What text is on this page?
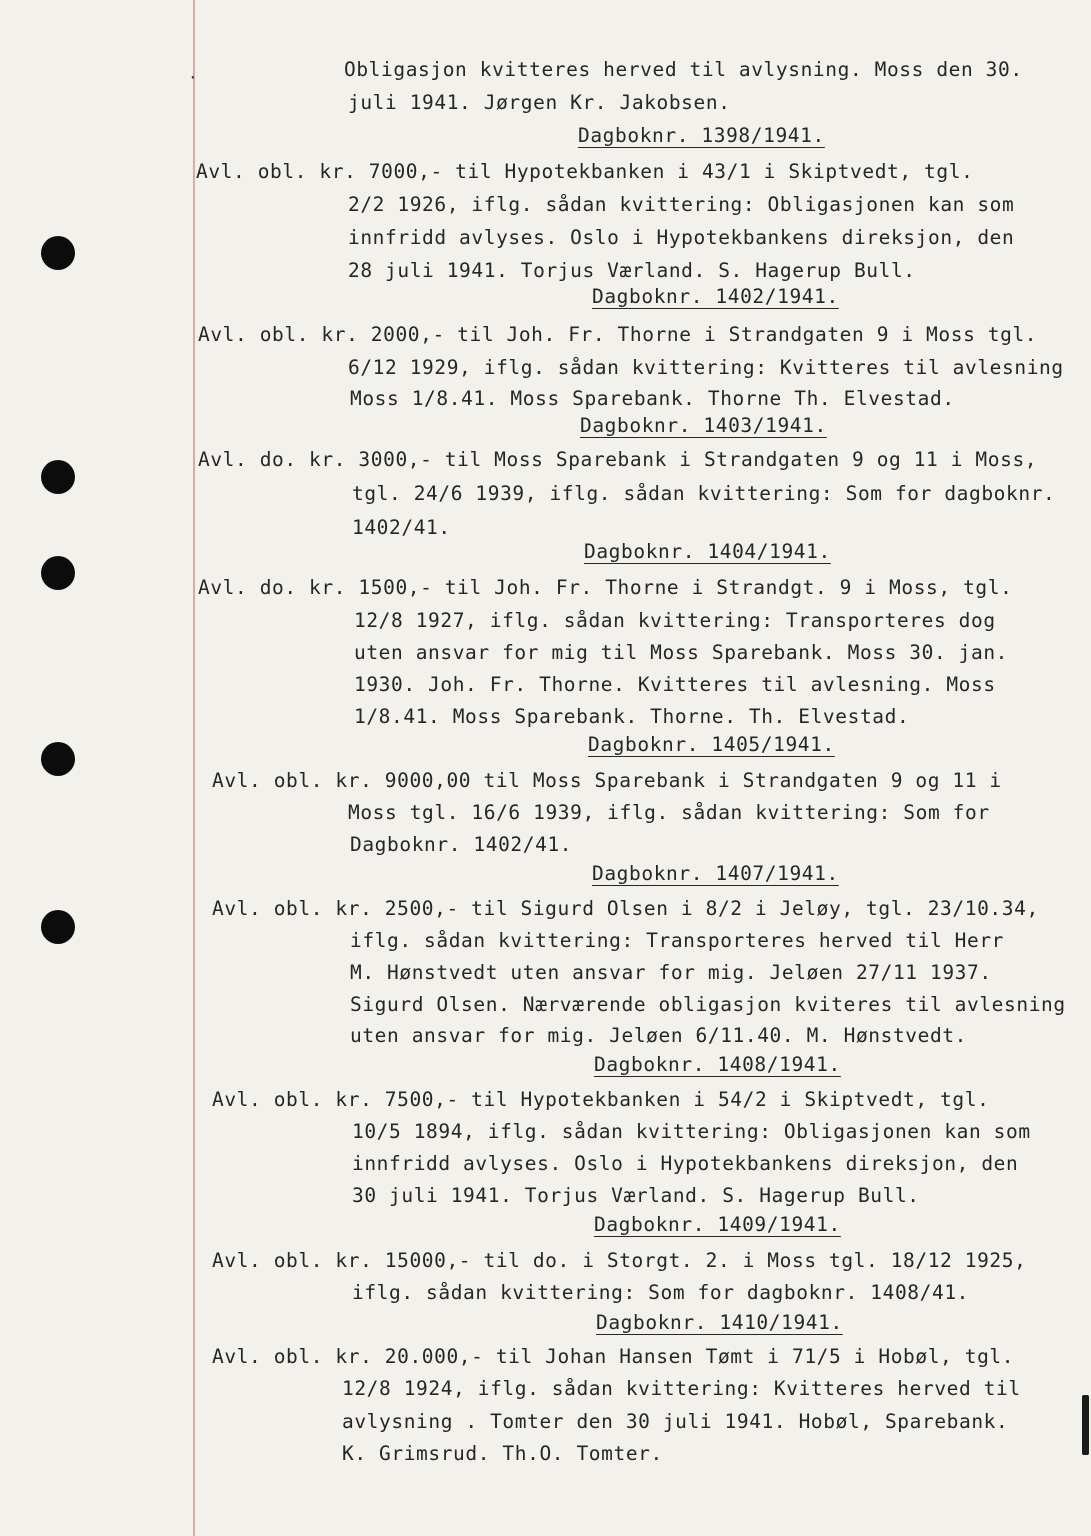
·	Obligasjon kvitteres herved til avlysning. Moss den 30.
juli 1941. Jørgen Kr. Jakobsen.
Dagboknr. 1398/1941.
Avl. obl. kr. 7000,- til Hypotekbanken i 43/1 i Skiptvedt, tgl.
2/2 1926, iflg. sådan kvittering: Obligasjonen kan som
innfridd avlyses. Oslo i Hypotekbankens direksjon, den
28 juli 1941. Torjus Værland. S. Hagerup Bull.
Dagboknr. 1402/1941.
Avl. obl. kr. 2000,- til Joh. Fr. Thorne i Strandgaten 9 i Moss tgl.
6/12 1929, iflg. sådan kvittering: Kvitteres til avlesning
Moss 1/8.41. Moss Sparebank. Thorne Th. Elvestad.
Dagboknr. 1403/1941.
Avl. do. kr. 3000,- til Moss Sparebank i Strandgaten 9 og 11 i Moss,
tgl. 24/6 1939, iflg. sådan kvittering: Som for dagboknr.
1402/41.
Dagboknr. 1404/1941.
Avl. do. kr. 1500,- til Joh. Fr. Thorne i Strandgt. 9 i Moss, tgl.
12/8 1927, iflg. sådan kvittering: Transporteres dog
uten ansvar for mig til Moss Sparebank. Moss 30. jan.
1930. Joh. Fr. Thorne. Kvitteres til avlesning. Moss
1/8.41. Moss Sparebank. Thorne. Th. Elvestad.
Dagboknr. 1405/1941.
Avl. obl. kr. 9000,00 til Moss Sparebank i Strandgaten 9 og 11 i
Moss tgl. 16/6 1939, iflg. sådan kvittering: Som for
Dagboknr. 1402/41.
Dagboknr. 1407/1941.
Avl. obl. kr. 2500,- til Sigurd Olsen i 8/2 i Jeløy, tgl. 23/10.34,
iflg. sådan kvittering: Transporteres herved til Herr
M. Hønstvedt uten ansvar for mig. Jeløen 27/11 1937.
Sigurd Olsen. Nærværende obligasjon kviteres til avlesning
uten ansvar for mig. Jeløen 6/11.40. M. Hønstvedt.
Dagboknr. 1408/1941.
Avl. obl. kr. 7500,- til Hypotekbanken i 54/2 i Skiptvedt, tgl.
10/5 1894, iflg. sådan kvittering: Obligasjonen kan som
innfridd avlyses. Oslo i Hypotekbankens direksjon, den
30 juli 1941. Torjus Værland. S. Hagerup Bull.
Dagboknr. 1409/1941.
Avl. obl. kr. 15000,- til do. i Storgt. 2. i Moss tgl. 18/12 1925,
iflg. sådan kvittering: Som for dagboknr. 1408/41.
Dagboknr. 1410/1941.
Avl. obl. kr. 20.000,- til Johan Hansen Tømt i 71/5 i Hobøl, tgl.
12/8 1924, iflg. sådan kvittering: Kvitteres herved til
avlysning . Tomter den 30 juli 1941. Hobøl, Sparebank.
K. Grimsrud. Th.O. Tomter.
